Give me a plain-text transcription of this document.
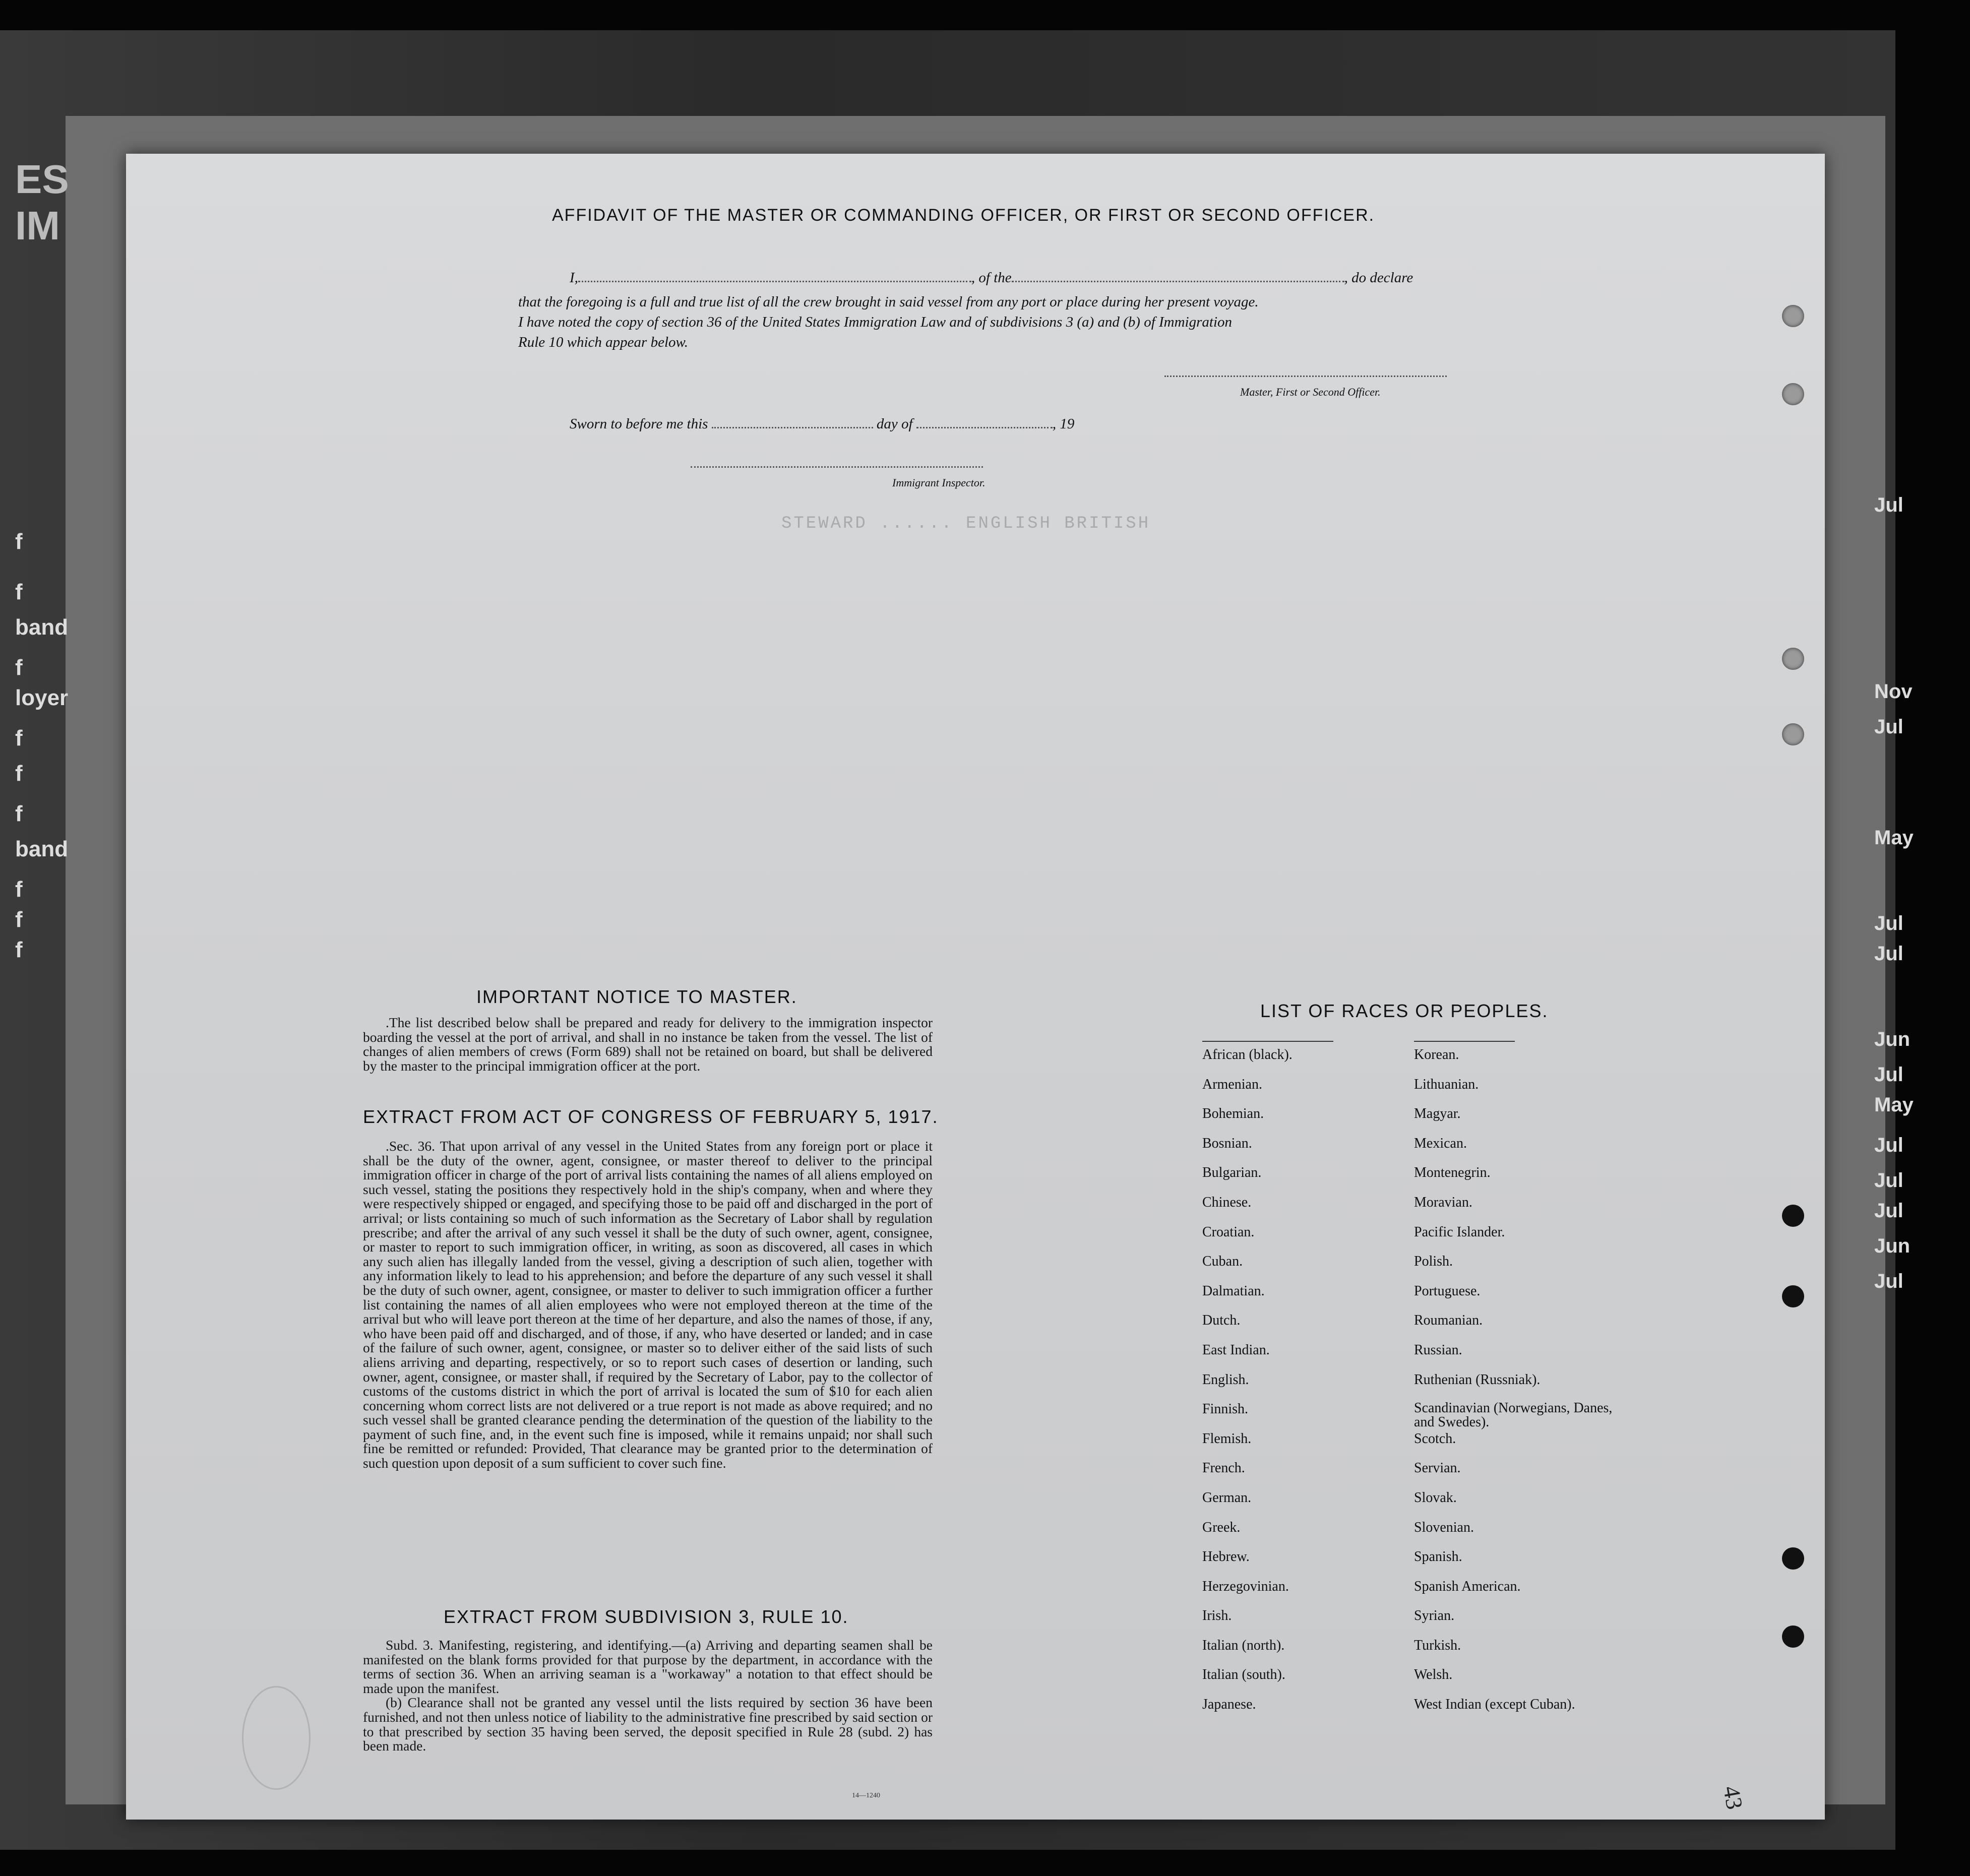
ES IM
f
f
band
f
loyer
f
f
f
band
f
f
f
Jul
Nov
Jul
May
Jul
Jul
Jun
Jul
May
Jul
Jul
Jul
Jun
Jul
AFFIDAVIT OF THE MASTER OR COMMANDING OFFICER, OR FIRST OR SECOND OFFICER.
I,	, of the	, do declare
that the foregoing is a full and true list of all the crew brought in said vessel from any port or place during her present voyage.
I have noted the copy of section 36 of the United States Immigration Law and of subdivisions 3 (a) and (b) of Immigration
Rule 10 which appear below.
Master, First or Second Officer.
Sworn to before me this	day of	, 19
Immigrant Inspector.
STEWARD ...... ENGLISH BRITISH
IMPORTANT NOTICE TO MASTER.

.The list described below shall be prepared and ready for delivery to the immigration inspector boarding the vessel at the port of arrival, and shall in no instance be taken from the vessel. The list of changes of alien members of crews (Form 689) shall not be retained on board, but shall be delivered by the master to the principal immigration officer at the port.

EXTRACT FROM ACT OF CONGRESS OF FEBRUARY 5, 1917.

.Sec. 36. That upon arrival of any vessel in the United States from any foreign port or place it shall be the duty of the owner, agent, consignee, or master thereof to deliver to the principal immigration officer in charge of the port of arrival lists containing the names of all aliens employed on such vessel, stating the positions they respectively hold in the ship's company, when and where they were respectively shipped or engaged, and specifying those to be paid off and discharged in the port of arrival; or lists containing so much of such information as the Secretary of Labor shall by regulation prescribe; and after the arrival of any such vessel it shall be the duty of such owner, agent, consignee, or master to report to such immigration officer, in writing, as soon as discovered, all cases in which any such alien has illegally landed from the vessel, giving a description of such alien, together with any information likely to lead to his apprehension; and before the departure of any such vessel it shall be the duty of such owner, agent, consignee, or master to deliver to such immigration officer a further list containing the names of all alien employees who were not employed thereon at the time of the arrival but who will leave port thereon at the time of her departure, and also the names of those, if any, who have been paid off and discharged, and of those, if any, who have deserted or landed; and in case of the failure of such owner, agent, consignee, or master so to deliver either of the said lists of such aliens arriving and departing, respectively, or so to report such cases of desertion or landing, such owner, agent, consignee, or master shall, if required by the Secretary of Labor, pay to the collector of customs of the customs district in which the port of arrival is located the sum of $10 for each alien concerning whom correct lists are not delivered or a true report is not made as above required; and no such vessel shall be granted clearance pending the determination of the question of the liability to the payment of such fine, and, in the event such fine is imposed, while it remains unpaid; nor shall such fine be remitted or refunded: Provided, That clearance may be granted prior to the determination of such question upon deposit of a sum sufficient to cover such fine.

EXTRACT FROM SUBDIVISION 3, RULE 10.

Subd. 3. Manifesting, registering, and identifying.—(a) Arriving and departing seamen shall be manifested on the blank forms provided for that purpose by the department, in accordance with the terms of section 36. When an arriving seaman is a "workaway" a notation to that effect should be made upon the manifest.

(b) Clearance shall not be granted any vessel until the lists required by section 36 have been furnished, and not then unless notice of liability to the administrative fine prescribed by said section or to that prescribed by section 35 having been served, the deposit specified in Rule 28 (subd. 2) has been made.

14—1240
LIST OF RACES OR PEOPLES.
African (black).
Armenian.
Bohemian.
Bosnian.
Bulgarian.
Chinese.
Croatian.
Cuban.
Dalmatian.
Dutch.
East Indian.
English.
Finnish.
Flemish.
French.
German.
Greek.
Hebrew.
Herzegovinian.
Irish.
Italian (north).
Italian (south).
Japanese.
Korean.
Lithuanian.
Magyar.
Mexican.
Montenegrin.
Moravian.
Pacific Islander.
Polish.
Portuguese.
Roumanian.
Russian.
Ruthenian (Russniak).
Scandinavian (Norwegians, Danes, and Swedes).
Scotch.
Servian.
Slovak.
Slovenian.
Spanish.
Spanish American.
Syrian.
Turkish.
Welsh.
West Indian (except Cuban).
43
